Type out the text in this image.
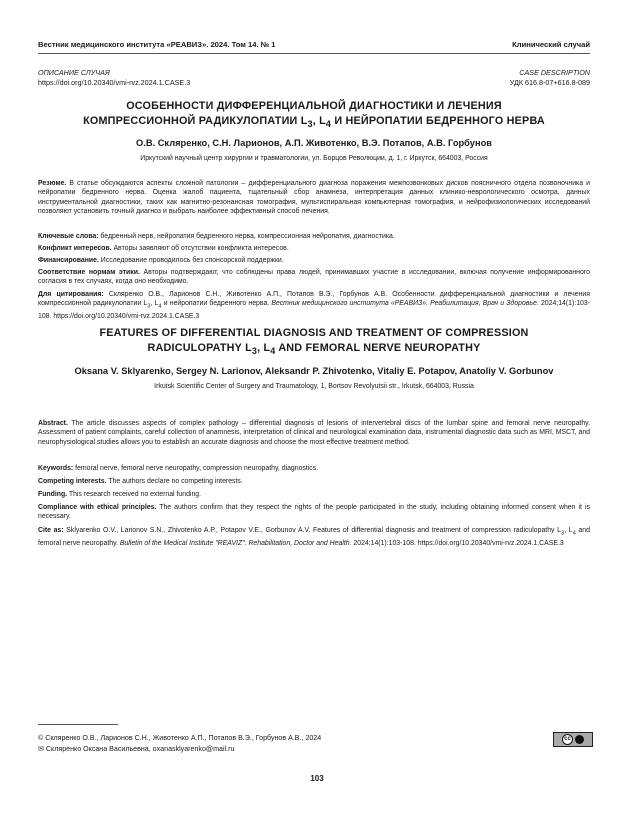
Вестник медицинского института «РЕАВИЗ». 2024. Том 14. № 1	Клинический случай
ОПИСАНИЕ СЛУЧАЯ
https://doi.org/10.20340/vmi-rvz.2024.1.CASE.3
CASE DESCRIPTION
УДК 616.8-07+616.8-089
ОСОБЕННОСТИ ДИФФЕРЕНЦИАЛЬНОЙ ДИАГНОСТИКИ И ЛЕЧЕНИЯ
КОМПРЕССИОННОЙ РАДИКУЛОПАТИИ $L_3$, $L_4$ И НЕЙРОПАТИИ БЕДРЕННОГО НЕРВА
О.В. Скляренко, С.Н. Ларионов, А.П. Животенко, В.Э. Потапов, А.В. Горбунов
Иркутский научный центр хирургии и травматологии, ул. Борцов Революции, д. 1, г. Иркутск, 664003, Россия
Резюме. В статье обсуждаются аспекты сложной патологии – дифференциального диагноза поражения межпозвонковых дисков поясничного отдела позвоночника и нейропатии бедренного нерва. Оценка жалоб пациента, тщательный сбор анамнеза, интерпретация данных клинико-неврологического осмотра, данных инструментальной диагностики, таких как магнитно-резонансная томография, мультиспиральная компьютерная томография, и нейрофизиологических исследований позволяют установить точный диагноз и выбрать наиболее эффективный способ лечения.
Ключевые слова: бедренный нерв, нейропатия бедренного нерва, компрессионная нейропатия, диагностика.
Конфликт интересов. Авторы заявляют об отсутствии конфликта интересов.
Финансирование. Исследование проводилось без спонсорской поддержки.
Соответствие нормам этики. Авторы подтверждают, что соблюдены права людей, принимавших участие в исследовании, включая получение информированного согласия в тех случаях, когда оно необходимо.
Для цитирования: Скляренко О.В., Ларионов С.Н., Животенко А.П., Потапов В.Э., Горбунов А.В. Особенности дифференциальной диагностики и лечения компрессионной радикулопатии $L_3$, $L_4$ и нейропатии бедренного нерва. Вестник медицинского института «РЕАВИЗ». Реабилитация, Врач и Здоровье. 2024;14(1):103-108. https://doi.org/10.20340/vmi-rvz.2024.1.CASE.3
FEATURES OF DIFFERENTIAL DIAGNOSIS AND TREATMENT OF COMPRESSION
RADICULOPATHY $L_3$, $L_4$ AND FEMORAL NERVE NEUROPATHY
Oksana V. Sklyarenko, Sergey N. Larionov, Aleksandr P. Zhivotenko, Vitaliy E. Potapov, Anatoliy V. Gorbunov
Irkutsk Scientific Center of Surgery and Traumatology, 1, Bortsov Revolyutsii str., Irkutsk, 664003, Russia
Abstract. The article discusses aspects of complex pathology – differential diagnosis of lesions of intervertebral discs of the lumbar spine and femoral nerve neuropathy. Assessment of patient complaints, careful collection of anamnesis, interpretation of clinical and neurological examination data, instrumental diagnostic data such as MRI, MSCT, and neurophysiological studies allows you to establish an accurate diagnosis and choose the most effective treatment method.
Keywords: femoral nerve, femoral nerve neuropathy, compression neuropathy, diagnostics.
Competing interests. The authors declare no competing interests.
Funding. This research received no external funding.
Compliance with ethical principles. The authors confirm that they respect the rights of the people participated in the study, including obtaining informed consent when it is necessary.
Cite as: Sklyarenko O.V., Larionov S.N., Zhivotenko A.P., Potapov V.E., Gorbunov A.V. Features of differential diagnosis and treatment of compression radiculopathy $L_3$, $L_4$ and femoral nerve neuropathy. Bulletin of the Medical Institute "REAVIZ". Rehabilitation, Doctor and Health. 2024;14(1):103-108. https://doi.org/10.20340/vmi-rvz.2024.1.CASE.3
© Скляренко О.В., Ларионов С.Н., Животенко А.П., Потапов В.Э., Горбунов А.В., 2024
✉ Скляренко Оксана Васильевна, oxanasklyarenko@mail.ru
cc
103
